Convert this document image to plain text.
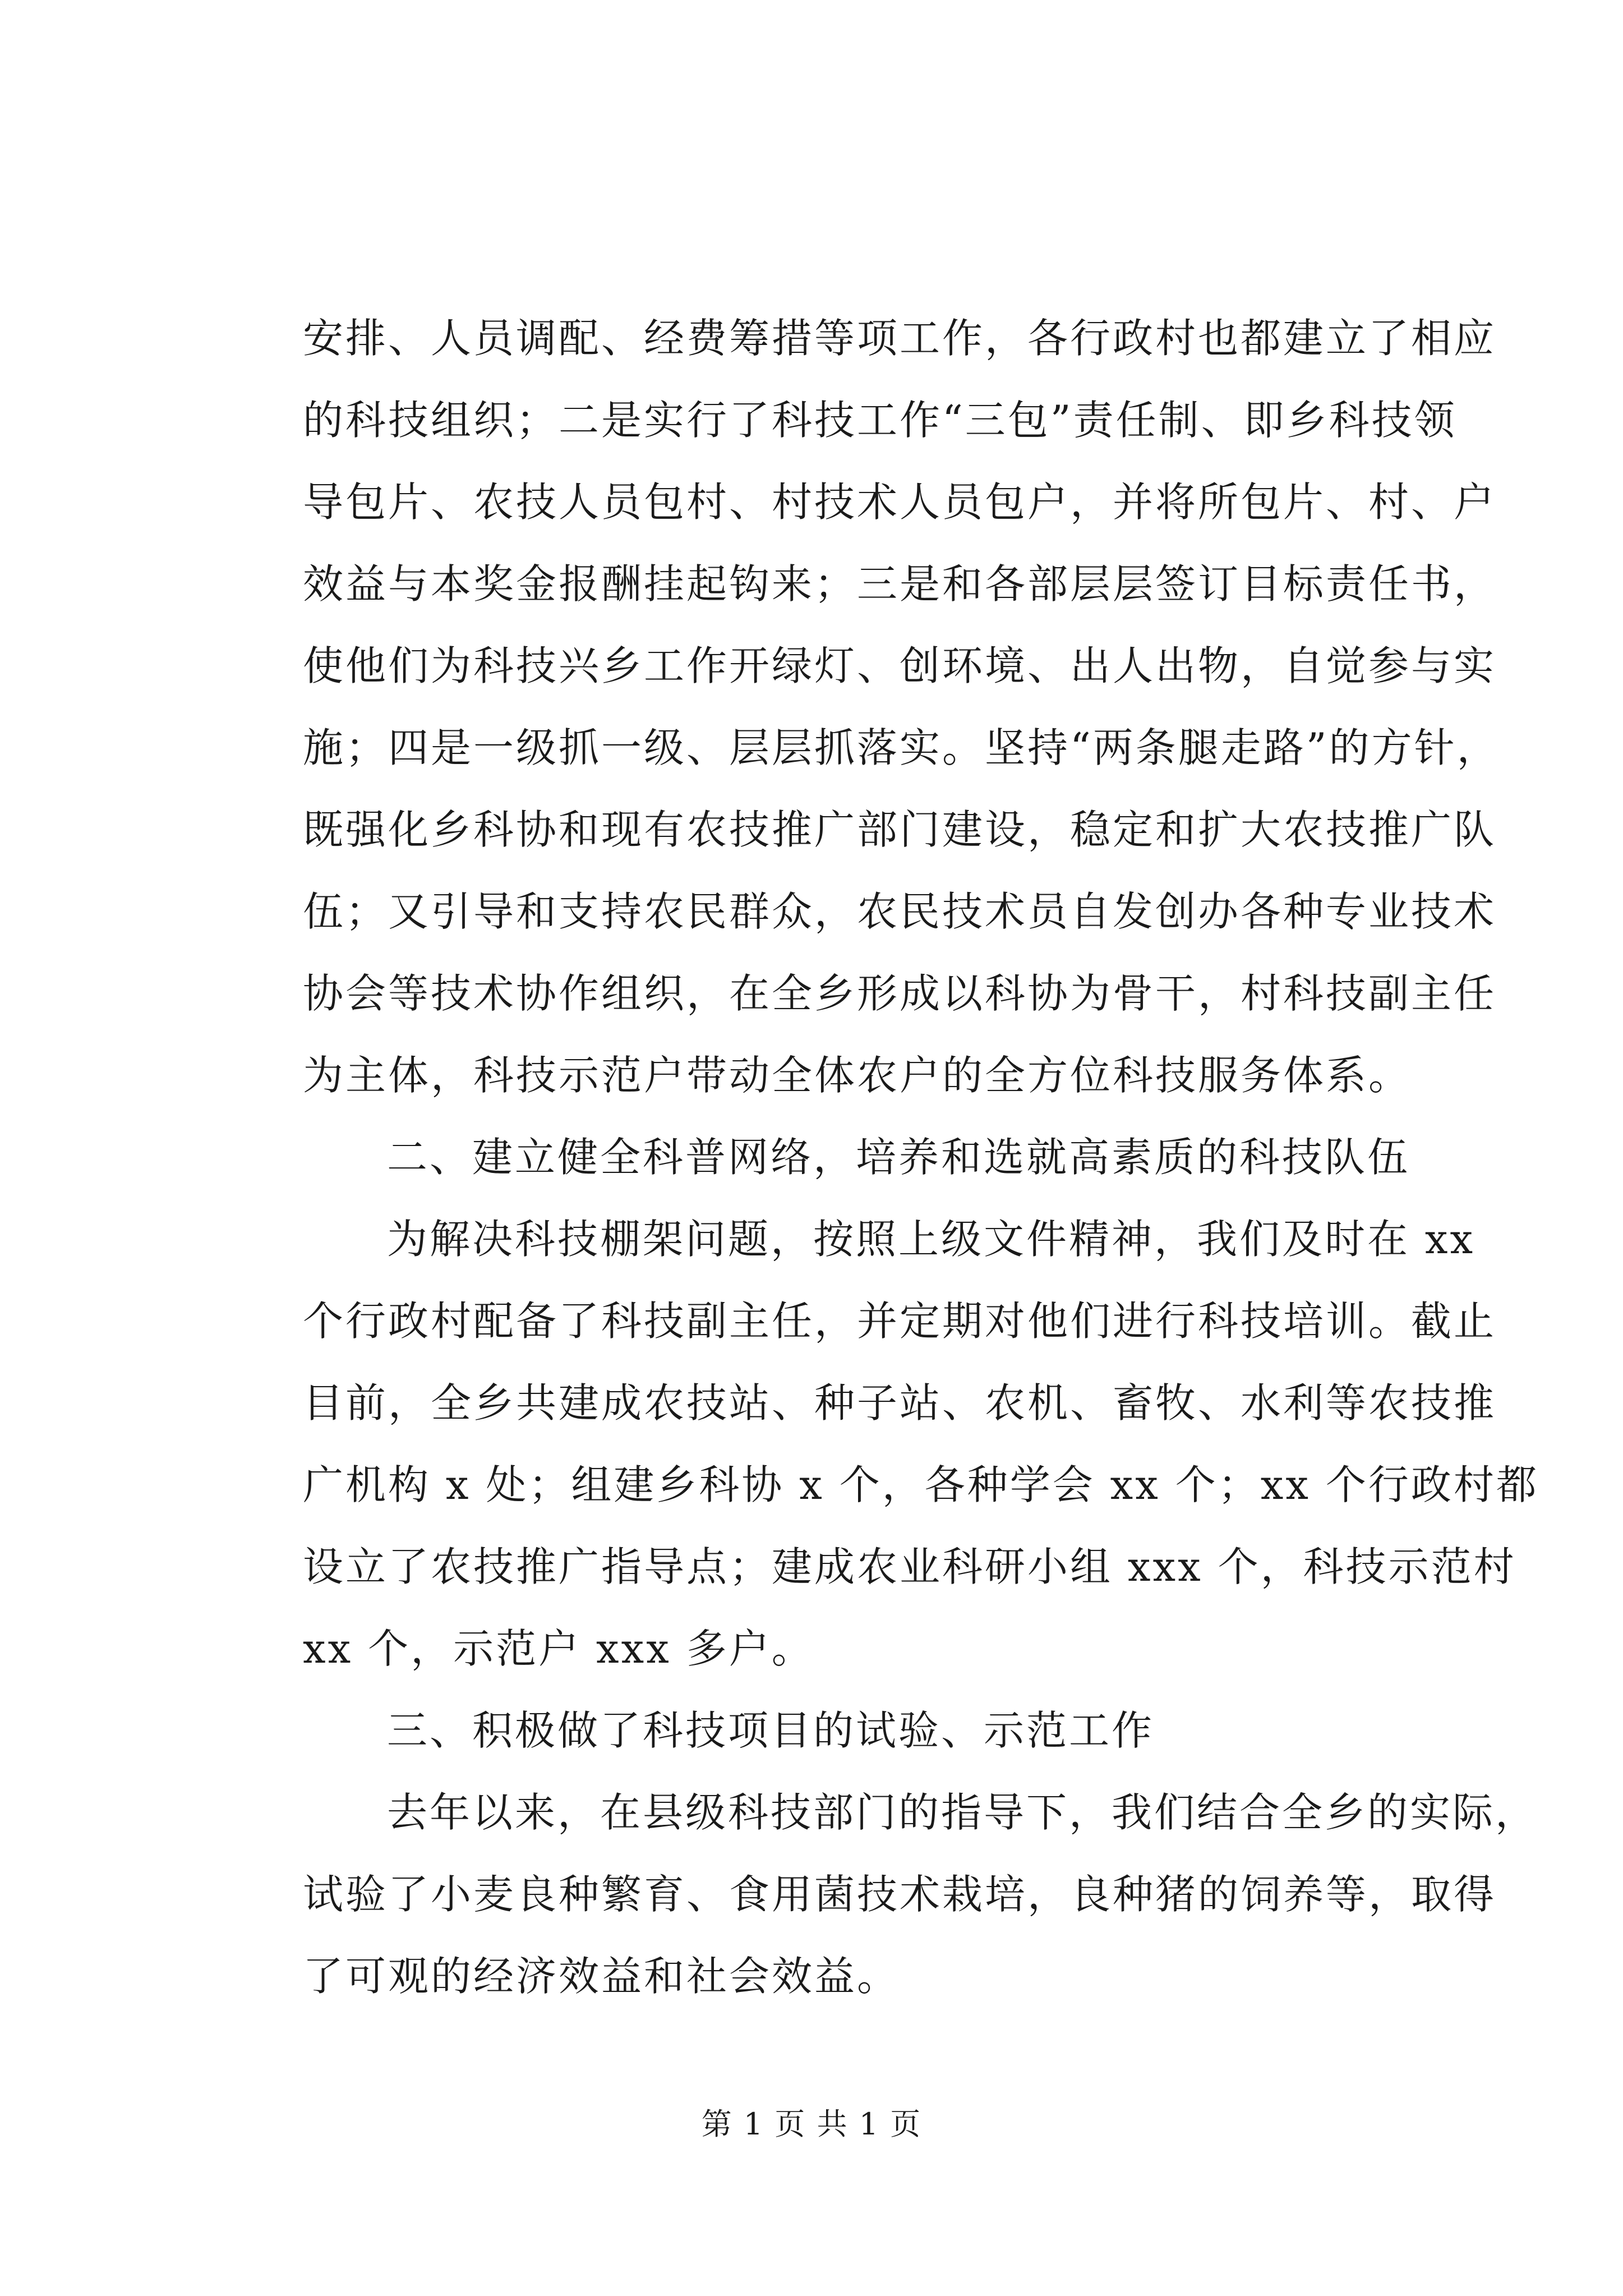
安排、人员调配、经费筹措等项工作，各行政村也都建立了相应
的科技组织；二是实行了科技工作“三包”责任制、即乡科技领
导包片、农技人员包村、村技术人员包户，并将所包片、村、户
效益与本奖金报酬挂起钩来；三是和各部层层签订目标责任书，
使他们为科技兴乡工作开绿灯、创环境、出人出物，自觉参与实
施；四是一级抓一级、层层抓落实。坚持“两条腿走路”的方针，
既强化乡科协和现有农技推广部门建设，稳定和扩大农技推广队
伍；又引导和支持农民群众，农民技术员自发创办各种专业技术
协会等技术协作组织，在全乡形成以科协为骨干，村科技副主任
为主体，科技示范户带动全体农户的全方位科技服务体系。
二、建立健全科普网络，培养和选就高素质的科技队伍
为解决科技棚架问题，按照上级文件精神，我们及时在 xx
个行政村配备了科技副主任，并定期对他们进行科技培训。截止
目前，全乡共建成农技站、种子站、农机、畜牧、水利等农技推
广机构 x 处；组建乡科协 x 个，各种学会 xx 个；xx 个行政村都
设立了农技推广指导点；建成农业科研小组 xxx 个，科技示范村
xx 个，示范户 xxx 多户。
三、积极做了科技项目的试验、示范工作
去年以来，在县级科技部门的指导下，我们结合全乡的实际，
试验了小麦良种繁育、食用菌技术栽培，良种猪的饲养等，取得
了可观的经济效益和社会效益。
第 1 页 共 1 页
